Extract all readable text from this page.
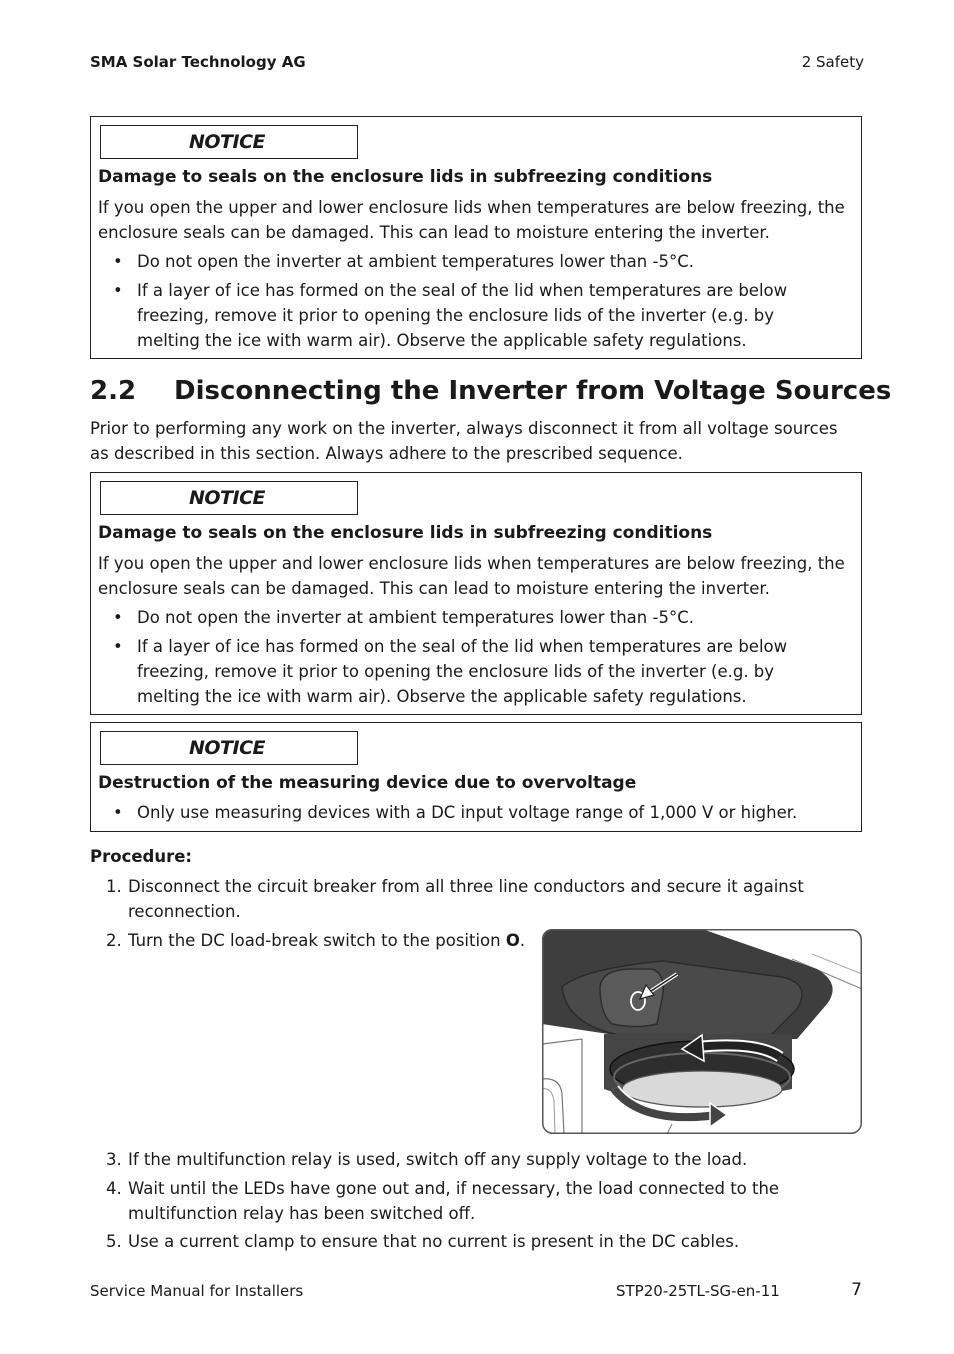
SMA Solar Technology AG	2 Safety
NOTICE
Damage to seals on the enclosure lids in subfreezing conditions
If you open the upper and lower enclosure lids when temperatures are below freezing, the enclosure seals can be damaged. This can lead to moisture entering the inverter.
• Do not open the inverter at ambient temperatures lower than -5°C.
• If a layer of ice has formed on the seal of the lid when temperatures are below freezing, remove it prior to opening the enclosure lids of the inverter (e.g. by melting the ice with warm air). Observe the applicable safety regulations.
2.2 Disconnecting the Inverter from Voltage Sources
Prior to performing any work on the inverter, always disconnect it from all voltage sources as described in this section. Always adhere to the prescribed sequence.
NOTICE
Damage to seals on the enclosure lids in subfreezing conditions
If you open the upper and lower enclosure lids when temperatures are below freezing, the enclosure seals can be damaged. This can lead to moisture entering the inverter.
• Do not open the inverter at ambient temperatures lower than -5°C.
• If a layer of ice has formed on the seal of the lid when temperatures are below freezing, remove it prior to opening the enclosure lids of the inverter (e.g. by melting the ice with warm air). Observe the applicable safety regulations.
NOTICE
Destruction of the measuring device due to overvoltage
• Only use measuring devices with a DC input voltage range of 1,000 V or higher.
Procedure:
1. Disconnect the circuit breaker from all three line conductors and secure it against reconnection.
2. Turn the DC load-break switch to the position O.
3. If the multifunction relay is used, switch off any supply voltage to the load.
4. Wait until the LEDs have gone out and, if necessary, the load connected to the multifunction relay has been switched off.
5. Use a current clamp to ensure that no current is present in the DC cables.
Service Manual for Installers	STP20-25TL-SG-en-11	7
